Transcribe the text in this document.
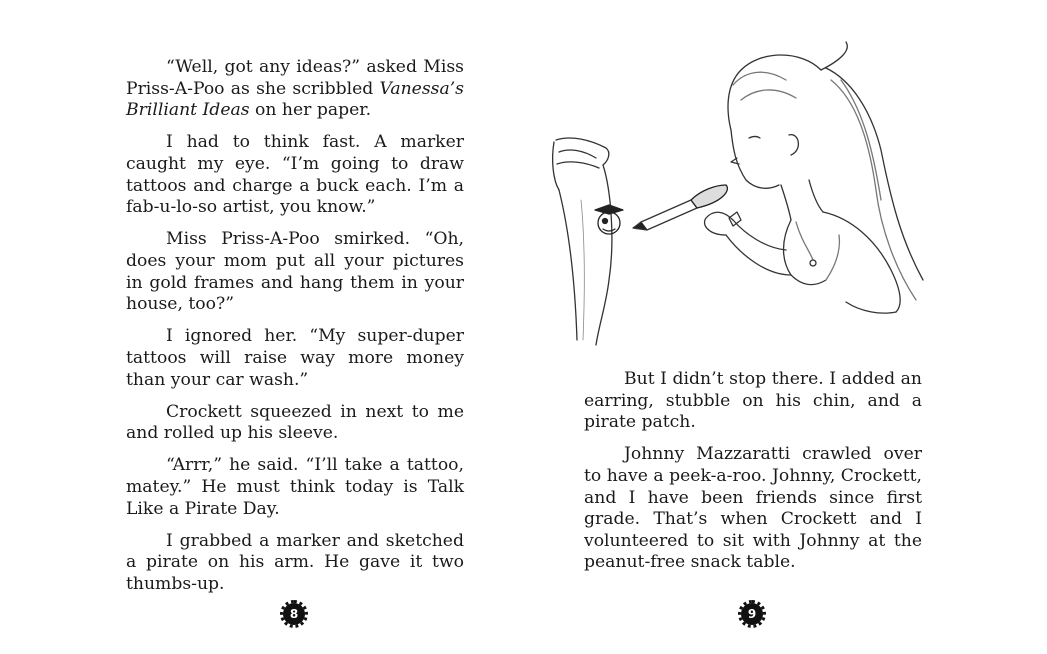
“Well, got any ideas?” asked Miss Priss-A-Poo as she scribbled Vanessa’s Brilliant Ideas on her paper.

I had to think fast. A marker caught my eye. “I’m going to draw tattoos and charge a buck each. I’m a fab-u-lo-so artist, you know.”

Miss Priss-A-Poo smirked. “Oh, does your mom put all your pictures in gold frames and hang them in your house, too?”

I ignored her. “My super-duper tattoos will raise way more money than your car wash.”

Crockett squeezed in next to me and rolled up his sleeve.

“Arrr,” he said. “I’ll take a tattoo, matey.” He must think today is Talk Like a Pirate Day.

I grabbed a marker and sketched a pirate on his arm. He gave it two thumbs-up.

8

But I didn’t stop there. I added an earring, stubble on his chin, and a pirate patch.

Johnny Mazzaratti crawled over to have a peek-a-roo. Johnny, Crockett, and I have been friends since first grade. That’s when Crockett and I volunteered to sit with Johnny at the peanut-free snack table.

9
